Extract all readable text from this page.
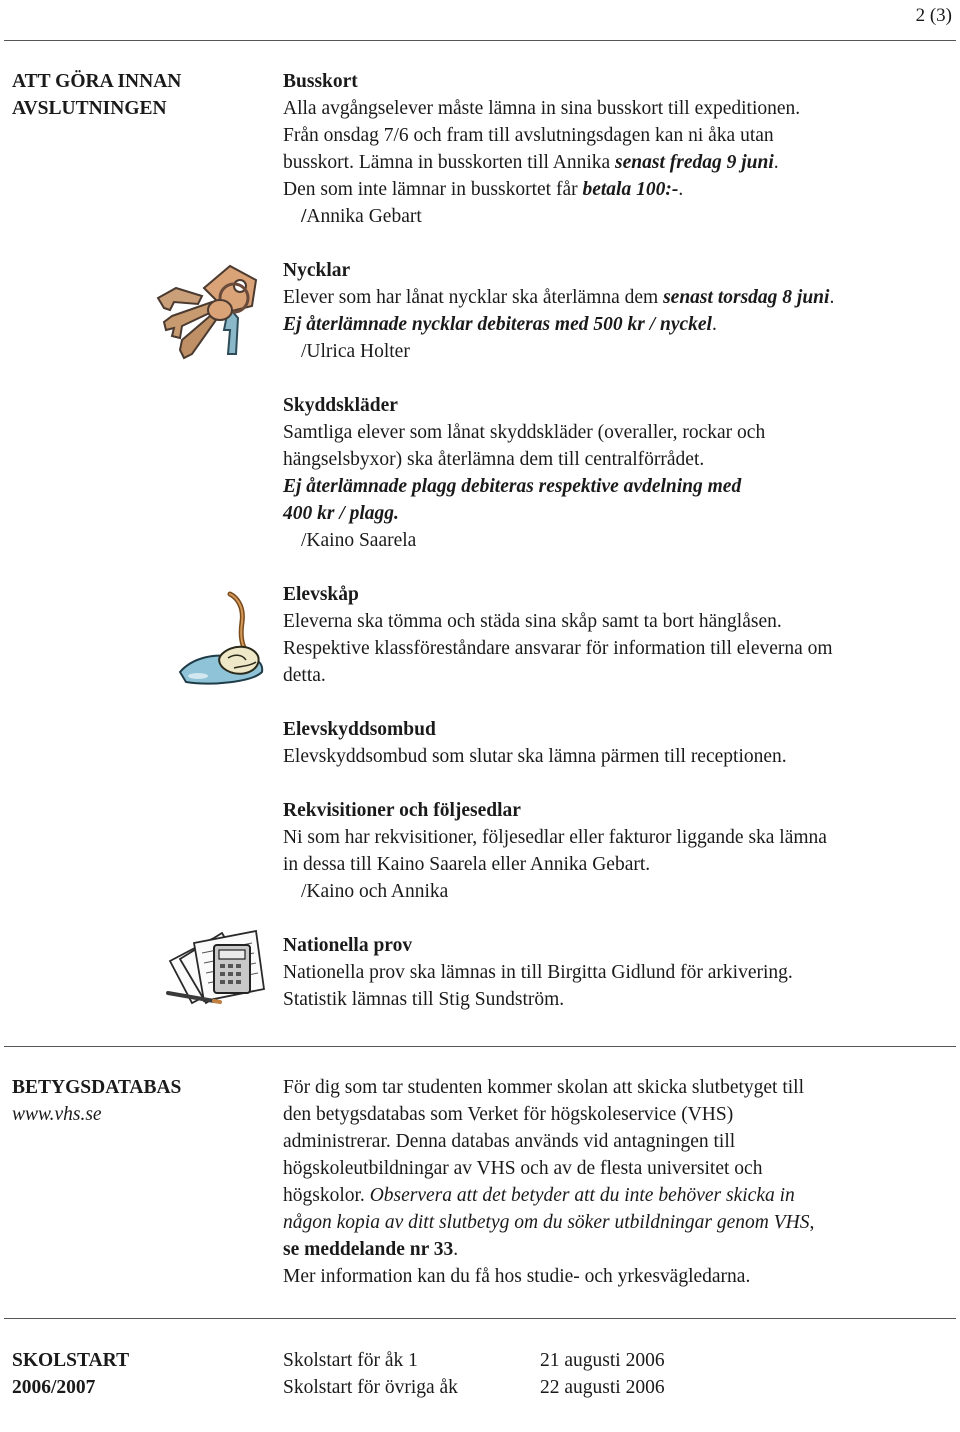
2 (3)
ATT GÖRA INNAN
AVSLUTNINGEN
Busskort
Alla avgångselever måste lämna in sina busskort till expeditionen.
Från onsdag 7/6 och fram till avslutningsdagen kan ni åka utan
busskort. Lämna in busskorten till Annika senast fredag 9 juni.
Den som inte lämnar in busskortet får betala 100:-.
/Annika Gebart
Nycklar
Elever som har lånat nycklar ska återlämna dem senast torsdag 8 juni.
Ej återlämnade nycklar debiteras med 500 kr / nyckel.
/Ulrica Holter
Skyddskläder
Samtliga elever som lånat skyddskläder (overaller, rockar och
hängselsbyxor) ska återlämna dem till centralförrådet.
Ej återlämnade plagg debiteras respektive avdelning med
400 kr / plagg.
/Kaino Saarela
Elevskåp
Eleverna ska tömma och städa sina skåp samt ta bort hänglåsen.
Respektive klassföreståndare ansvarar för information till eleverna om
detta.
Elevskyddsombud
Elevskyddsombud som slutar ska lämna pärmen till receptionen.
Rekvisitioner och följesedlar
Ni som har rekvisitioner, följesedlar eller fakturor liggande ska lämna
in dessa till Kaino Saarela eller Annika Gebart.
/Kaino och Annika
Nationella prov
Nationella prov ska lämnas in till Birgitta Gidlund för arkivering.
Statistik lämnas till Stig Sundström.
BETYGSDATABAS
www.vhs.se
För dig som tar studenten kommer skolan att skicka slutbetyget till
den betygsdatabas som Verket för högskoleservice (VHS)
administrerar. Denna databas används vid antagningen till
högskoleutbildningar av VHS och av de flesta universitet och
högskolor. Observera att det betyder att du inte behöver skicka in
någon kopia av ditt slutbetyg om du söker utbildningar genom VHS,
se meddelande nr 33.
Mer information kan du få hos studie- och yrkesvägledarna.
SKOLSTART
2006/2007
Skolstart för åk 1	21 augusti 2006
Skolstart för övriga åk	22 augusti 2006
